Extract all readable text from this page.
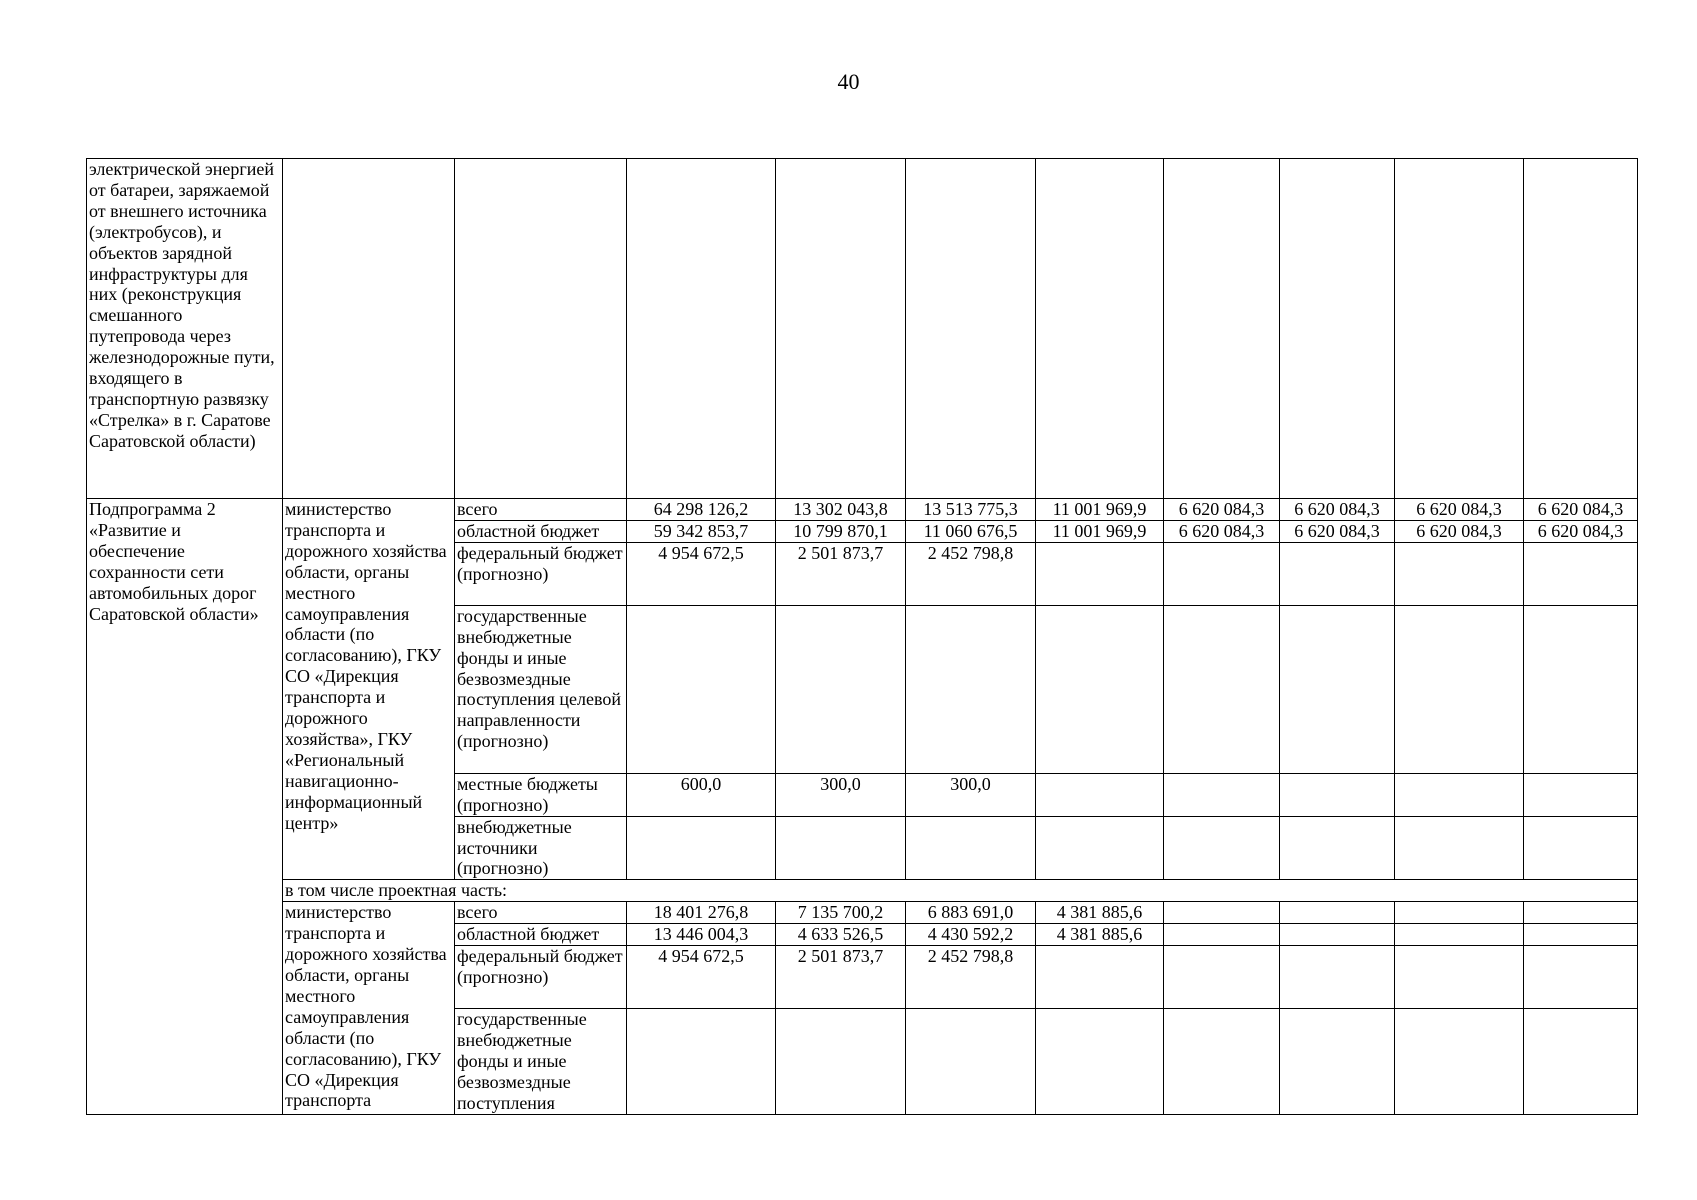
40
электрической энергией от батареи, заряжаемой от внешнего источника (электробусов), и объектов зарядной инфраструктуры для них (реконструкция смешанного путепровода через железнодорожные пути, входящего в транспортную развязку «Стрелка» в г. Саратове Саратовской области)										
Подпрограмма 2 «Развитие и обеспечение сохранности сети автомобильных дорог Саратовской области»	министерство транспорта и дорожного хозяйства области, органы местного самоуправления области (по согласованию), ГКУ СО «Дирекция транспорта и дорожного хозяйства», ГКУ «Региональный навигационно-информационный центр»	всего	64 298 126,2	13 302 043,8	13 513 775,3	11 001 969,9	6 620 084,3	6 620 084,3	6 620 084,3	6 620 084,3
		областной бюджет	59 342 853,7	10 799 870,1	11 060 676,5	11 001 969,9	6 620 084,3	6 620 084,3	6 620 084,3	6 620 084,3
		федеральный бюджет (прогнозно)	4 954 672,5	2 501 873,7	2 452 798,8					
		государственные внебюджетные фонды и иные безвозмездные поступления целевой направленности (прогнозно)								
		местные бюджеты (прогнозно)	600,0	300,0	300,0					
		внебюджетные источники (прогнозно)								
	в том числе проектная часть:									
	министерство транспорта и дорожного хозяйства области, органы местного самоуправления области (по согласованию), ГКУ СО «Дирекция транспорта	всего	18 401 276,8	7 135 700,2	6 883 691,0	4 381 885,6				
		областной бюджет	13 446 004,3	4 633 526,5	4 430 592,2	4 381 885,6				
		федеральный бюджет (прогнозно)	4 954 672,5	2 501 873,7	2 452 798,8					
		государственные внебюджетные фонды и иные безвозмездные поступления								
